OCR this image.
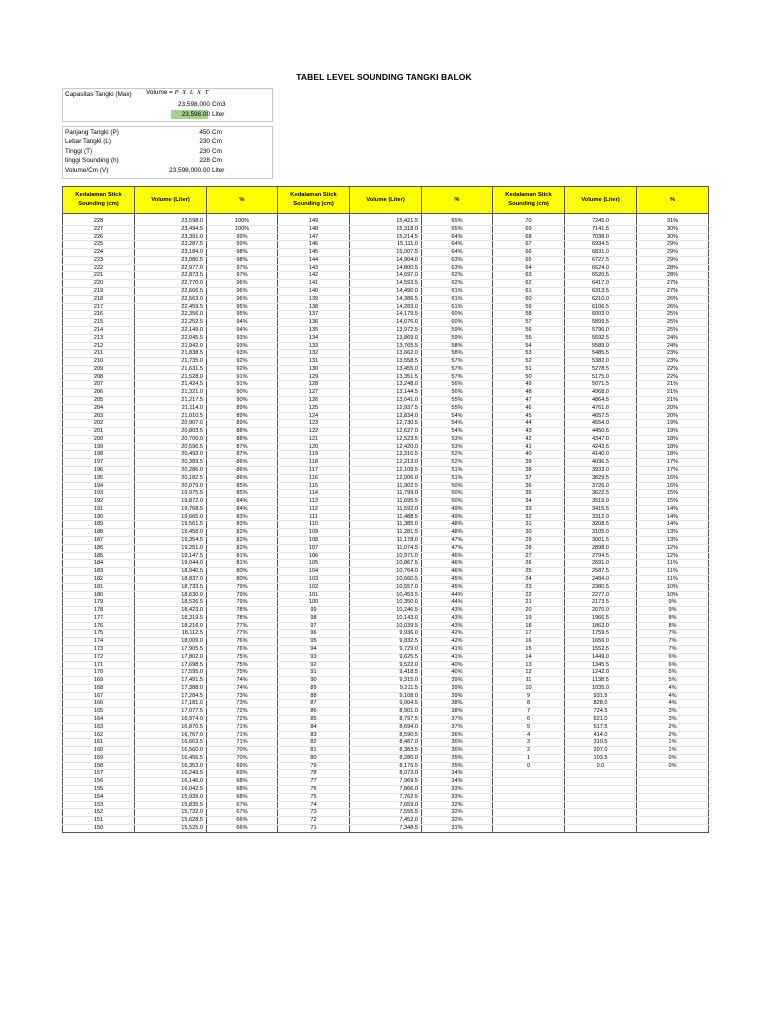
TABEL LEVEL SOUNDING TANGKI BALOK
Capasitas Tangki (Max) Volume = P X L X T
23,598,000 Cm3
23,598.00 Liter
Panjang Tangki (P)	450 Cm
Lebar Tangki (L)	230 Cm
Tinggi (T)	230 Cm
tinggi Sounding (h)	228 Cm
Volume/Cm (V)	23,598,000.00 Liter
Kedalaman Stick Sounding (cm)	Volume (Liter)	%	Kedalaman Stick Sounding (cm)	Volume (Liter)	%	Kedalaman Stick Sounding (cm)	Volume (Liter)	%

228	23,598.0	100%	149	15,421.5	65%	70	7245.0	31%
227	23,494.5	100%	148	15,318.0	65%	69	7141.5	30%
226	23,391.0	99%	147	15,214.5	64%	68	7038.0	30%
225	23,287.5	99%	146	15,111.0	64%	67	6934.5	29%
224	23,184.0	98%	145	15,007.5	64%	66	6831.0	29%
223	23,080.5	98%	144	14,904.0	63%	65	6727.5	29%
222	22,977.0	97%	143	14,800.5	63%	64	6624.0	28%
221	22,873.5	97%	142	14,697.0	62%	63	6520.5	28%
220	22,770.0	96%	141	14,593.5	62%	62	6417.0	27%
219	22,666.5	96%	140	14,490.0	61%	61	6313.5	27%
218	22,563.0	96%	139	14,386.5	61%	60	6210.0	26%
217	22,459.5	95%	138	14,283.0	61%	59	6106.5	26%
216	22,356.0	95%	137	14,179.5	60%	58	6003.0	25%
215	22,252.5	94%	136	14,076.0	60%	57	5899.5	25%
214	22,149.0	94%	135	13,972.5	59%	56	5796.0	25%
213	22,045.5	93%	134	13,869.0	59%	55	5692.5	24%
212	21,942.0	93%	133	13,765.5	58%	54	5589.0	24%
211	21,838.5	93%	132	13,662.0	58%	53	5485.5	23%
210	21,735.0	92%	131	13,558.5	57%	52	5382.0	23%
209	21,631.5	92%	130	13,455.0	57%	51	5278.5	22%
208	21,528.0	91%	129	13,351.5	57%	50	5175.0	22%
207	21,424.5	91%	128	13,248.0	56%	49	5071.5	21%
206	21,321.0	90%	127	13,144.5	56%	48	4968.0	21%
205	21,217.5	90%	126	13,041.0	55%	47	4864.5	21%
204	21,114.0	89%	125	12,937.5	55%	46	4761.0	20%
203	21,010.5	89%	124	12,834.0	54%	45	4657.5	20%
202	20,907.0	89%	123	12,730.5	54%	44	4554.0	19%
201	20,803.5	88%	122	12,627.0	54%	43	4450.5	19%
200	20,700.0	88%	121	12,523.5	53%	42	4347.0	18%
199	20,596.5	87%	120	12,420.0	53%	41	4243.5	18%
198	20,493.0	87%	119	12,316.5	52%	40	4140.0	18%
197	20,389.5	86%	118	12,213.0	52%	39	4036.5	17%
196	20,286.0	86%	117	12,109.5	51%	38	3933.0	17%
195	20,182.5	86%	116	12,006.0	51%	37	3829.5	16%
194	20,079.0	85%	115	11,902.5	50%	36	3726.0	16%
193	19,975.5	85%	114	11,799.0	50%	35	3622.5	15%
192	19,872.0	84%	113	11,695.5	50%	34	3519.0	15%
191	19,768.5	84%	112	11,592.0	49%	33	3415.5	14%
190	19,665.0	83%	111	11,488.5	49%	32	3312.0	14%
189	19,561.5	83%	110	11,385.0	48%	31	3208.5	14%
188	19,458.0	82%	109	11,281.5	48%	30	3105.0	13%
187	19,354.5	82%	108	11,178.0	47%	29	3001.5	13%
186	19,251.0	82%	107	11,074.5	47%	28	2898.0	12%
185	19,147.5	81%	106	10,971.0	46%	27	2794.5	12%
184	19,044.0	81%	105	10,867.5	46%	26	2691.0	11%
183	18,940.5	80%	104	10,764.0	46%	25	2587.5	11%
182	18,837.0	80%	103	10,660.5	45%	24	2484.0	11%
181	18,733.5	79%	102	10,557.0	45%	23	2380.5	10%
180	18,630.0	79%	101	10,453.5	44%	22	2277.0	10%
179	18,526.5	79%	100	10,350.0	44%	21	2173.5	9%
178	18,423.0	78%	99	10,246.5	43%	20	2070.0	9%
177	18,319.5	78%	98	10,143.0	43%	19	1966.5	8%
176	18,216.0	77%	97	10,039.5	43%	18	1863.0	8%
175	18,112.5	77%	96	9,936.0	42%	17	1759.5	7%
174	18,009.0	76%	95	9,832.5	42%	16	1656.0	7%
173	17,905.5	76%	94	9,729.0	41%	15	1552.5	7%
172	17,802.0	75%	93	9,625.5	41%	14	1449.0	6%
171	17,698.5	75%	92	9,522.0	40%	13	1345.5	6%
170	17,595.0	75%	91	9,418.5	40%	12	1242.0	5%
169	17,491.5	74%	90	9,315.0	39%	11	1138.5	5%
168	17,388.0	74%	89	9,211.5	39%	10	1035.0	4%
167	17,284.5	73%	88	9,108.0	39%	9	931.5	4%
166	17,181.0	73%	87	9,004.5	38%	8	828.0	4%
165	17,077.5	72%	86	8,901.0	38%	7	724.5	3%
164	16,974.0	72%	85	8,797.5	37%	6	621.0	3%
163	16,870.5	71%	84	8,694.0	37%	5	517.5	2%
162	16,767.0	71%	83	8,590.5	36%	4	414.0	2%
161	16,663.5	71%	82	8,487.0	36%	3	310.5	1%
160	16,560.0	70%	81	8,383.5	36%	2	207.0	1%
159	16,456.5	70%	80	8,280.0	35%	1	103.5	0%
158	16,353.0	69%	79	8,176.5	35%	0	0.0	0%
157	16,249.5	69%	78	8,073.0	34%			
156	16,146.0	68%	77	7,969.5	34%			
155	16,042.5	68%	76	7,866.0	33%			
154	15,939.0	68%	75	7,762.5	33%			
153	15,835.5	67%	74	7,659.0	32%			
152	15,732.0	67%	73	7,555.5	32%			
151	15,628.5	66%	72	7,452.0	32%			
150	15,525.0	66%	71	7,348.5	31%			
